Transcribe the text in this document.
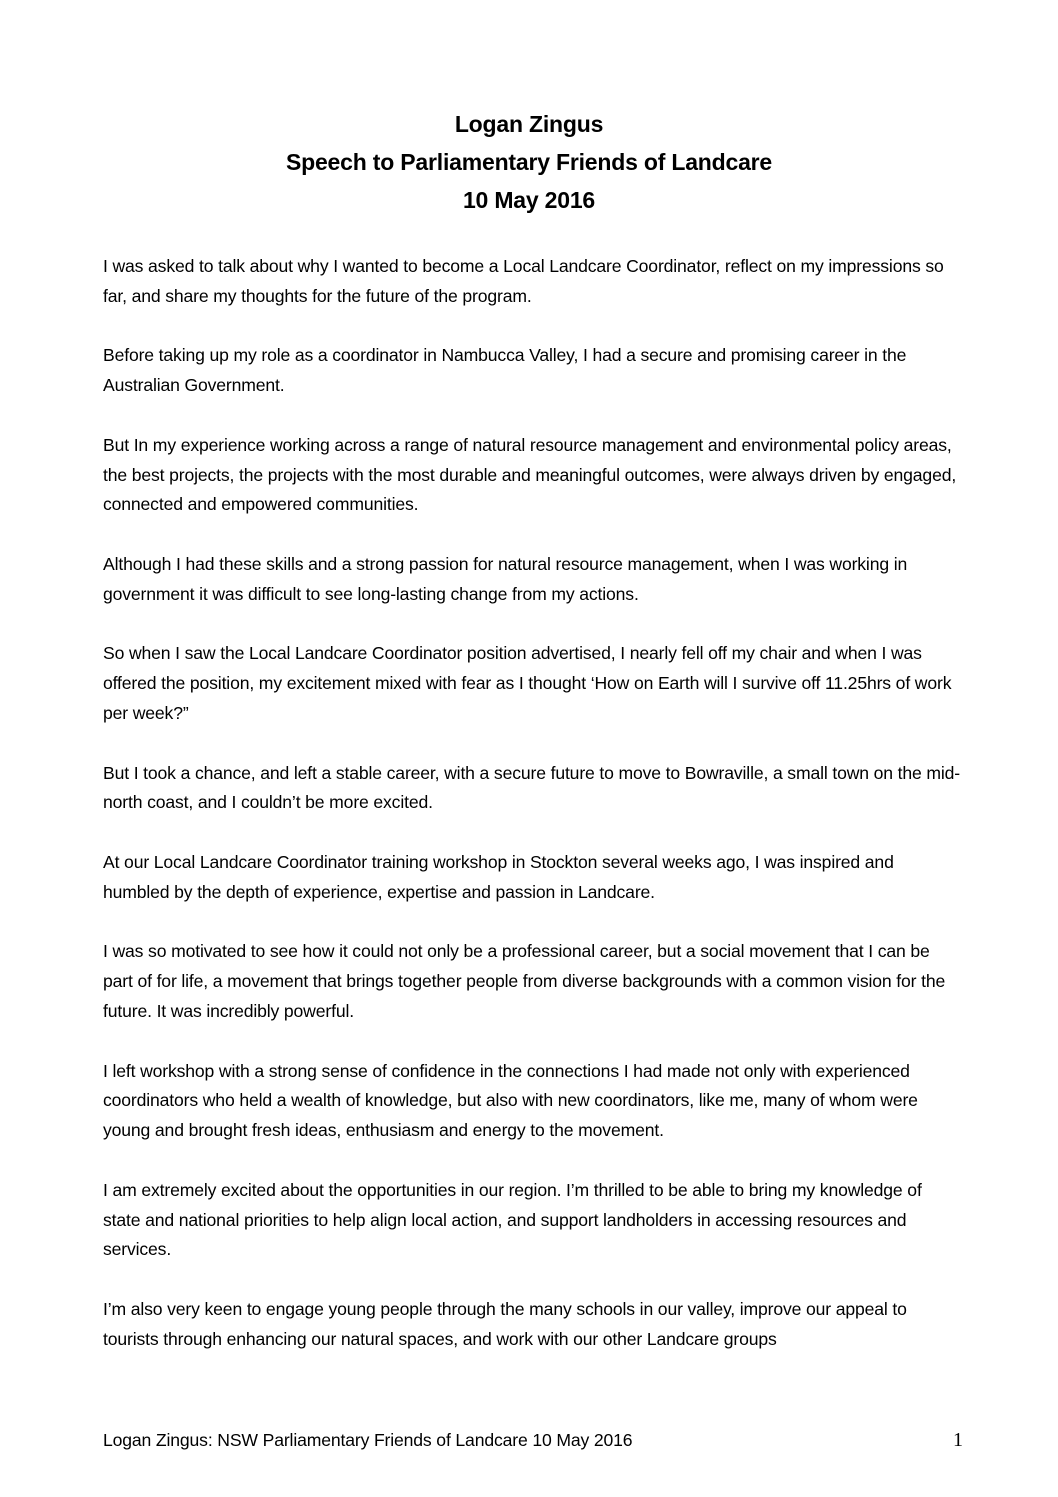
Logan Zingus
Speech to Parliamentary Friends of Landcare
10 May 2016

I was asked to talk about why I wanted to become a Local Landcare Coordinator, reflect on my impressions so far, and share my thoughts for the future of the program.

Before taking up my role as a coordinator in Nambucca Valley, I had a secure and promising career in the Australian Government.

But In my experience working across a range of natural resource management and environmental policy areas, the best projects, the projects with the most durable and meaningful outcomes, were always driven by engaged, connected and empowered communities.

Although I had these skills and a strong passion for natural resource management, when I was working in government it was difficult to see long-lasting change from my actions.

So when I saw the Local Landcare Coordinator position advertised, I nearly fell off my chair and when I was offered the position, my excitement mixed with fear as I thought ‘How on Earth will I survive off 11.25hrs of work per week?”

But I took a chance, and left a stable career, with a secure future to move to Bowraville, a small town on the mid-north coast, and I couldn’t be more excited.

At our Local Landcare Coordinator training workshop in Stockton several weeks ago, I was inspired and humbled by the depth of experience, expertise and passion in Landcare.

I was so motivated to see how it could not only be a professional career, but a social movement that I can be part of for life, a movement that brings together people from diverse backgrounds with a common vision for the future. It was incredibly powerful.

I left workshop with a strong sense of confidence in the connections I had made not only with experienced coordinators who held a wealth of knowledge, but also with new coordinators, like me, many of whom were young and brought fresh ideas, enthusiasm and energy to the movement.

I am extremely excited about the opportunities in our region. I’m thrilled to be able to bring my knowledge of state and national priorities to help align local action, and support landholders in accessing resources and services.

I’m also very keen to engage young people through the many schools in our valley, improve our appeal to tourists through enhancing our natural spaces, and work with our other Landcare groups

Logan Zingus: NSW Parliamentary Friends of Landcare 10 May 2016	1
